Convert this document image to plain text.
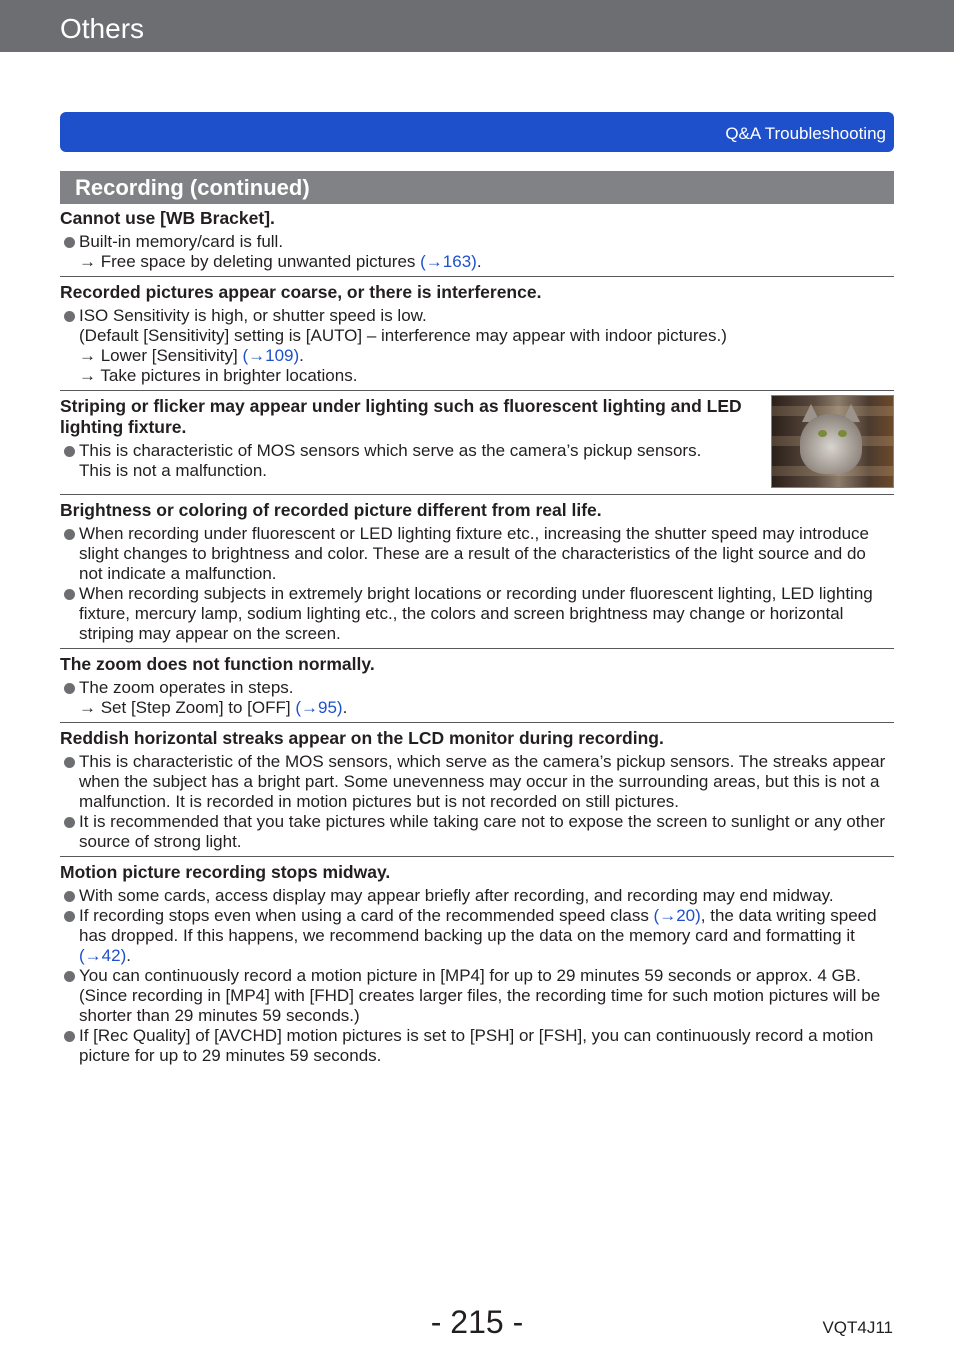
Others
Q&A Troubleshooting
Recording (continued)
Cannot use [WB Bracket].
Built-in memory/card is full.
→ Free space by deleting unwanted pictures (→163).
Recorded pictures appear coarse, or there is interference.
ISO Sensitivity is high, or shutter speed is low.
(Default [Sensitivity] setting is [AUTO] – interference may appear with indoor pictures.)
→ Lower [Sensitivity] (→109).
→ Take pictures in brighter locations.
Striping or flicker may appear under lighting such as fluorescent lighting and LED lighting fixture.
This is characteristic of MOS sensors which serve as the camera’s pickup sensors.
This is not a malfunction.
Brightness or coloring of recorded picture different from real life.
When recording under fluorescent or LED lighting fixture etc., increasing the shutter speed may introduce slight changes to brightness and color. These are a result of the characteristics of the light source and do not indicate a malfunction.
When recording subjects in extremely bright locations or recording under fluorescent lighting, LED lighting fixture, mercury lamp, sodium lighting etc., the colors and screen brightness may change or horizontal striping may appear on the screen.
The zoom does not function normally.
The zoom operates in steps.
→ Set [Step Zoom] to [OFF] (→95).
Reddish horizontal streaks appear on the LCD monitor during recording.
This is characteristic of the MOS sensors, which serve as the camera’s pickup sensors. The streaks appear when the subject has a bright part. Some unevenness may occur in the surrounding areas, but this is not a malfunction. It is recorded in motion pictures but is not recorded on still pictures.
It is recommended that you take pictures while taking care not to expose the screen to sunlight or any other source of strong light.
Motion picture recording stops midway.
With some cards, access display may appear briefly after recording, and recording may end midway.
If recording stops even when using a card of the recommended speed class (→20), the data writing speed has dropped. If this happens, we recommend backing up the data on the memory card and formatting it (→42).
You can continuously record a motion picture in [MP4] for up to 29 minutes 59 seconds or approx. 4 GB. (Since recording in [MP4] with [FHD] creates larger files, the recording time for such motion pictures will be shorter than 29 minutes 59 seconds.)
If [Rec Quality] of [AVCHD] motion pictures is set to [PSH] or [FSH], you can continuously record a motion picture for up to 29 minutes 59 seconds.
- 215 -	VQT4J11
